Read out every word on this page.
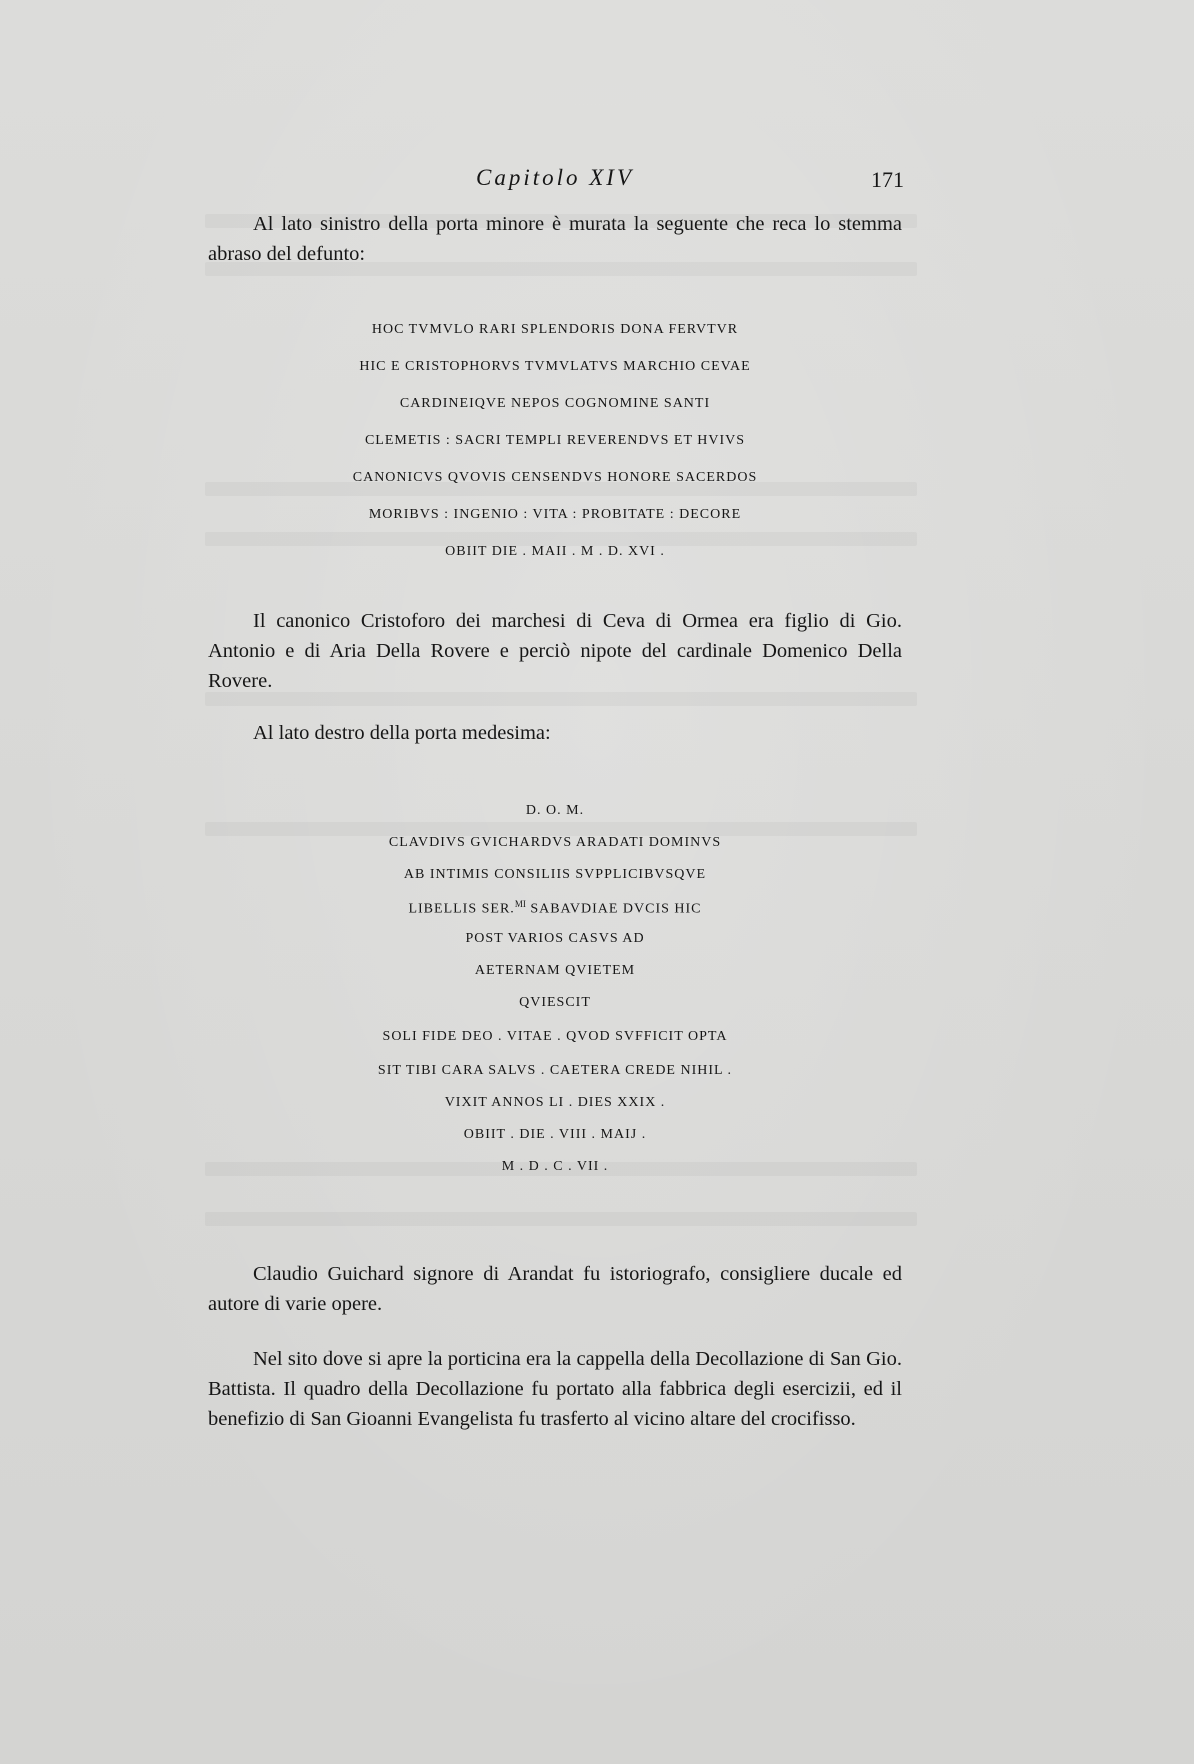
Capitolo XIV	171

Al lato sinistro della porta minore è murata la seguente che reca lo stemma abraso del defunto:

HOC TVMVLO RARI SPLENDORIS DONA FERVTVR
HIC E CRISTOPHORVS TVMVLATVS MARCHIO CEVAE
CARDINEIQVE NEPOS COGNOMINE SANTI
CLEMETIS : SACRI TEMPLI REVERENDVS ET HVIVS
CANONICVS QVOVIS CENSENDVS HONORE SACERDOS
MORIBVS : INGENIO : VITA : PROBITATE : DECORE
OBIIT DIE . MAII . M . D. XVI .

Il canonico Cristoforo dei marchesi di Ceva di Ormea era figlio di Gio. Antonio e di Aria Della Rovere e perciò nipote del cardinale Domenico Della Rovere.

Al lato destro della porta medesima:

D. O. M.
CLAVDIVS GVICHARDVS ARADATI DOMINVS
AB INTIMIS CONSILIIS SVPPLICIBVSQVE
LIBELLIS SER.$^{MI}$ SABAVDIAE DVCIS HIC
POST VARIOS CASVS AD
AETERNAM QVIETEM
QVIESCIT
SOLI FIDE DEO . VITAE . QVOD SVFFICIT OPTA
SIT TIBI CARA SALVS . CAETERA CREDE NIHIL .
VIXIT ANNOS LI . DIES XXIX .
OBIIT . DIE . VIII . MAIJ .
M . D . C . VII .

Claudio Guichard signore di Arandat fu istoriografo, consigliere ducale ed autore di varie opere.

Nel sito dove si apre la porticina era la cappella della Decollazione di San Gio. Battista. Il quadro della Decollazione fu portato alla fabbrica degli esercizii, ed il benefizio di San Gioanni Evangelista fu trasferto al vicino altare del crocifisso.
